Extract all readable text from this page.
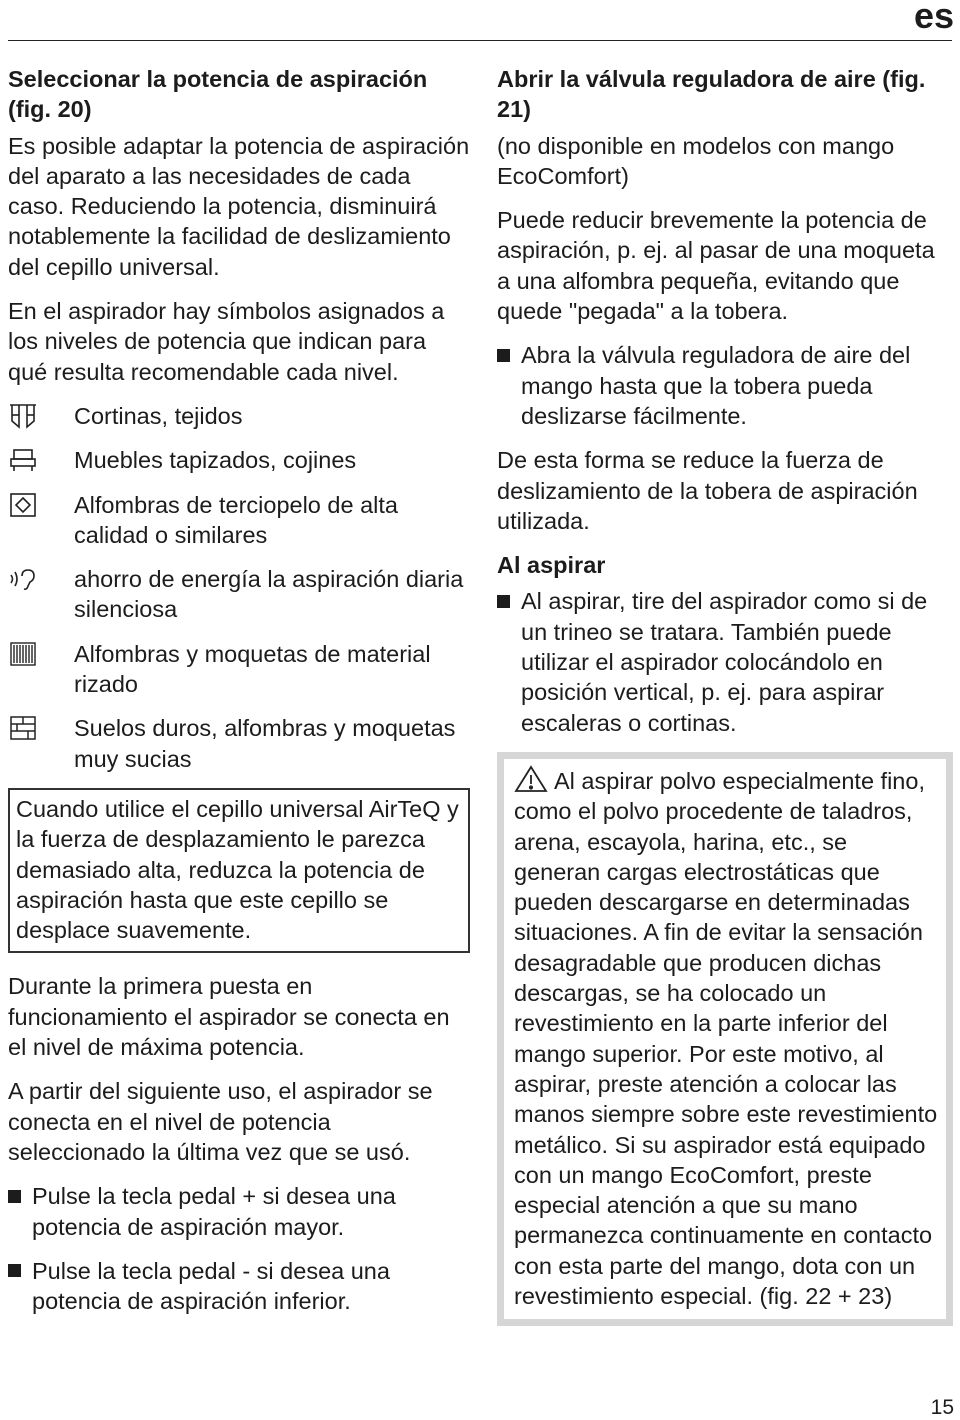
es
Seleccionar la potencia de aspiración (fig. 20)

Es posible adaptar la potencia de aspiración del aparato a las necesidades de cada caso. Reduciendo la potencia, disminuirá notablemente la facilidad de deslizamiento del cepillo universal.

En el aspirador hay símbolos asignados a los niveles de potencia que indican para qué resulta recomendable cada nivel.

Cortinas, tejidos
Muebles tapizados, cojines
Alfombras de terciopelo de alta calidad o similares
ahorro de energía la aspiración diaria silenciosa
Alfombras y moquetas de material rizado
Suelos duros, alfombras y moquetas muy sucias

Cuando utilice el cepillo universal AirTeQ y la fuerza de desplazamiento le parezca demasiado alta, reduzca la potencia de aspiración hasta que este cepillo se desplace suavemente.

Durante la primera puesta en funcionamiento el aspirador se conecta en el nivel de máxima potencia.

A partir del siguiente uso, el aspirador se conecta en el nivel de potencia seleccionado la última vez que se usó.

Pulse la tecla pedal + si desea una potencia de aspiración mayor.
Pulse la tecla pedal - si desea una potencia de aspiración inferior.
Abrir la válvula reguladora de aire (fig. 21)

(no disponible en modelos con mango EcoComfort)

Puede reducir brevemente la potencia de aspiración, p. ej. al pasar de una moqueta a una alfombra pequeña, evitando que quede "pegada" a la tobera.

Abra la válvula reguladora de aire del mango hasta que la tobera pueda deslizarse fácilmente.

De esta forma se reduce la fuerza de deslizamiento de la tobera de aspiración utilizada.

Al aspirar
Al aspirar, tire del aspirador como si de un trineo se tratara. También puede utilizar el aspirador colocándolo en posición vertical, p. ej. para aspirar escaleras o cortinas.

Al aspirar polvo especialmente fino, como el polvo procedente de taladros, arena, escayola, harina, etc., se generan cargas electrostáticas que pueden descargarse en determinadas situaciones. A fin de evitar la sensación desagradable que producen dichas descargas, se ha colocado un revestimiento en la parte inferior del mango superior. Por este motivo, al aspirar, preste atención a colocar las manos siempre sobre este revestimiento metálico. Si su aspirador está equipado con un mango EcoComfort, preste especial atención a que su mano permanezca continuamente en contacto con esta parte del mango, dota con un revestimiento especial. (fig. 22 + 23)

15
